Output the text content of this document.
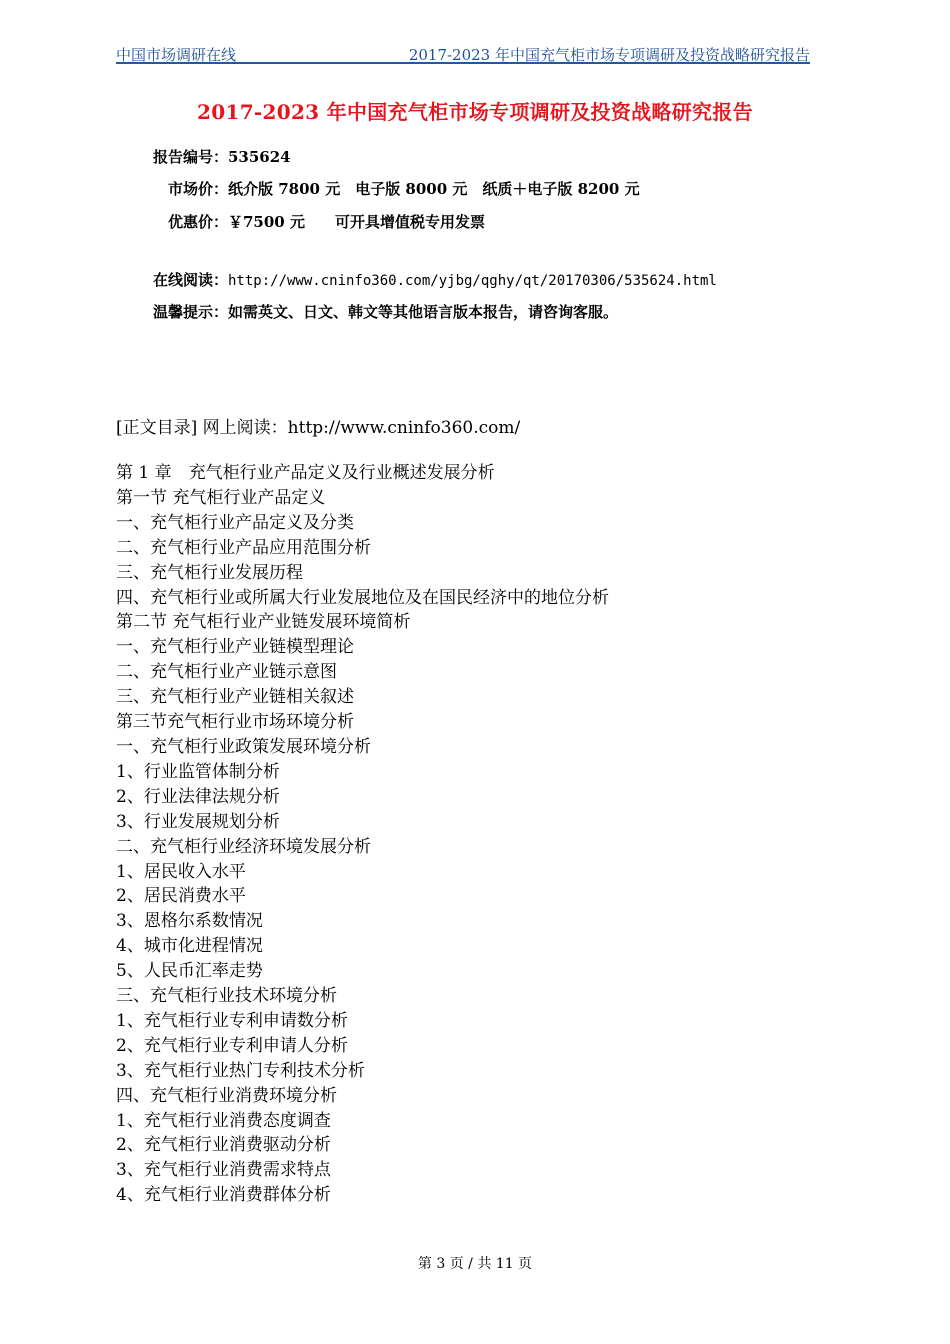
中国市场调研在线	2017-2023 年中国充气柜市场专项调研及投资战略研究报告
2017-2023 年中国充气柜市场专项调研及投资战略研究报告
报告编号：535624
市场价：纸介版 7800 元　电子版 8000 元　纸质＋电子版 8200 元
优惠价：￥7500 元　　可开具增值税专用发票
在线阅读：http://www.cninfo360.com/yjbg/qghy/qt/20170306/535624.html
温馨提示：如需英文、日文、韩文等其他语言版本报告，请咨询客服。
[正文目录] 网上阅读：http://www.cninfo360.com/
第 1 章　充气柜行业产品定义及行业概述发展分析
第一节 充气柜行业产品定义
一、充气柜行业产品定义及分类
二、充气柜行业产品应用范围分析
三、充气柜行业发展历程
四、充气柜行业或所属大行业发展地位及在国民经济中的地位分析
第二节 充气柜行业产业链发展环境简析
一、充气柜行业产业链模型理论
二、充气柜行业产业链示意图
三、充气柜行业产业链相关叙述
第三节充气柜行业市场环境分析
一、充气柜行业政策发展环境分析
1、行业监管体制分析
2、行业法律法规分析
3、行业发展规划分析
二、充气柜行业经济环境发展分析
1、居民收入水平
2、居民消费水平
3、恩格尔系数情况
4、城市化进程情况
5、人民币汇率走势
三、充气柜行业技术环境分析
1、充气柜行业专利申请数分析
2、充气柜行业专利申请人分析
3、充气柜行业热门专利技术分析
四、充气柜行业消费环境分析
1、充气柜行业消费态度调查
2、充气柜行业消费驱动分析
3、充气柜行业消费需求特点
4、充气柜行业消费群体分析
第 3 页 / 共 11 页
